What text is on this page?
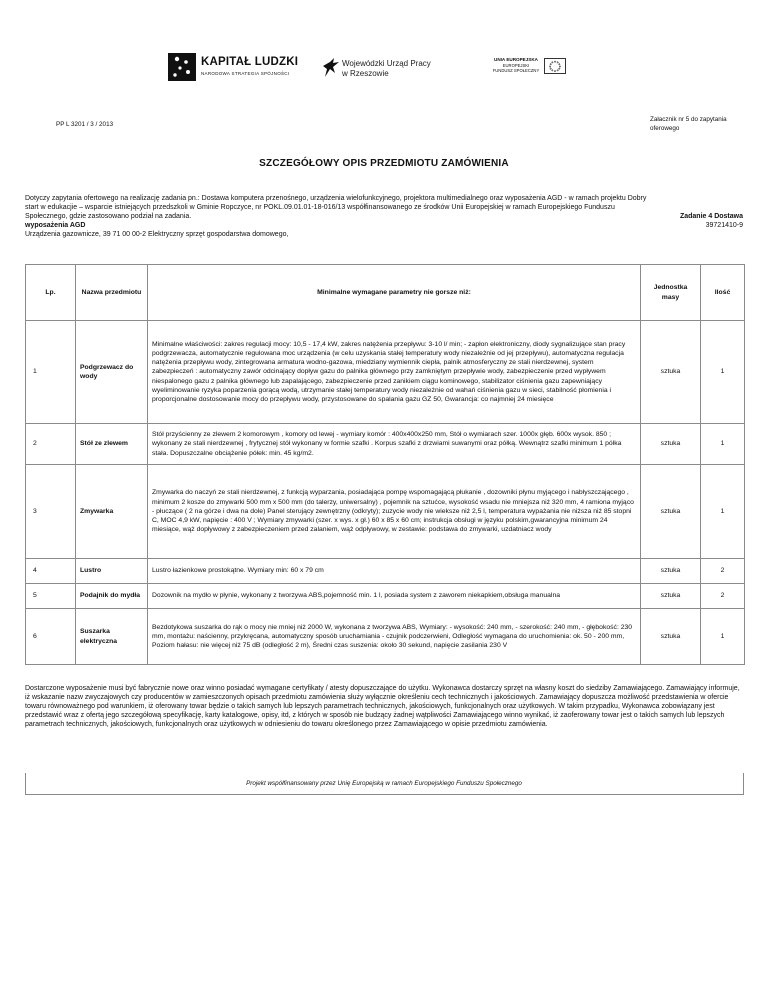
KAPITAŁ LUDZKI
NARODOWA STRATEGIA SPÓJNOŚCI
Wojewódzki Urząd Pracy
w Rzeszowie
UNIA EUROPEJSKA
EUROPEJSKI
FUNDUSZ SPOŁECZNY
PP L 3201 / 3 / 2013
Załacznik nr 5 do zapytania
oferowego
SZCZEGÓŁOWY OPIS PRZEDMIOTU ZAMÓWIENIA
Dotyczy zapytania ofertowego na realizację zadania pn.: Dostawa komputera przenośnego, urządzenia wielofunkcyjnego, projektora multimedialnego oraz wyposażenia AGD - w ramach projektu Dobry
start w edukacjie – wsparcie istniejących przedszkoli w Gminie Ropczyce, nr POKL.09.01.01-18-016/13 współfinansowanego ze środków Unii Europejskiej w ramach Europejskiego Funduszu
Społecznego, gdzie zastosowano podział na zadania.	Zadanie 4 Dostawa
wyposażenia AGD	39721410-9
Urządzenia gazownicze, 39 71 00 00-2 Elektryczny sprzęt gospodarstwa domowego,
Lp.	Nazwa przedmiotu	Minimalne wymagane parametry nie gorsze niż:	Jednostka masy	Ilość
1	Podgrzewacz do wody	Minimalne właściwości: zakres regulacji mocy: 10,5 - 17,4 kW, zakres natężenia przepływu: 3-10 l/ min; - zapłon elektroniczny, diody sygnalizujące stan pracy podgrzewacza, automatycznie regulowana moc urządzenia (w celu uzyskania stałej temperatury wody niezależnie od jej przepływu), automatyczna regulacja natężenia przepływu wody, zintegrowana armatura wodno-gazowa, miedziany wymiennik ciepła, palnik atmosferyczny ze stali nierdzewnej, system zabezpieczeń : automatyczny zawór odcinający dopływ gazu do palnika głównego przy zamkniętym przepływie wody, zabezpieczenie przed wypływem niespalonego gazu z palnika głównego lub zapalającego, zabezpieczenie przed zanikiem ciągu kominowego, stabilizator ciśnienia gazu zapewniający wyeliminowanie ryzyka poparzenia gorącą wodą, utrzymanie stałej temperatury wody niezależnie od wahań ciśnienia gazu w sieci, stabilność płomienia i proporcjonalne dostosowanie mocy do przepływu wody, przystosowane do spalania gazu GZ 50, Gwarancja: co najmniej 24 miesięce	sztuka	1
2	Stół ze zlewem	Stół przyścienny ze zlewem 2 komorowym , komory od lewej - wymiary komór : 400x400x250 mm, Stół o wymiarach szer. 1000x głęb. 600x wysok. 850 ; wykonany ze stali nierdzewnej , frytycznej stół wykonany w formie szafki . Korpus szafki z drzwiami suwanymi oraz półką. Wewnątrz szafki minimum 1 półka stała. Dopuszczalne obciążenie półek: min. 45 kg/m2.	sztuka	1
3	Zmywarka	Zmywarka do naczyń ze stali nierdzewnej, z funkcją wyparzania, posiadająca pompę wspomagającą płukanie , dozowniki płynu myjącego i nabłyszczającego , minimum 2 kosze do zmywarki 500 mm x 500 mm (do talerzy, uniwersalny) , pojemnik na sztućce, wysokość wsadu nie mniejsza niż 320 mm, 4 ramiona myjąco - płuczące ( 2 na górze i dwa na dole) Panel sterujący zewnętrzny (odkryty); zuzycie wody nie wieksze niż 2,5 l, temperatura wypażania nie niższa niż 85 stopni C, MOC 4,9 kW, napięcie : 400 V ; Wymiary zmywarki (szer. x wys. x gł.) 60 x 85 x 60 cm; instrukcja obsługi w języku polskim,gwarancyjna minimum 24 miesiące, wąż dopływowy z zabezpieczeniem przed zalaniem, wąż odpływowy, w zestawie: podstawa do zmywarki, uzdatniacz wody	sztuka	1
4	Lustro	Lustro łazienkowe prostokątne. Wymiary min: 60 x 79 cm	sztuka	2
5	Podajnik do mydła	Dozownik na mydło w płynie, wykonany z tworzywa ABS,pojemność min. 1 l, posiada system z zaworem niekapkiem,obsługa manualna	sztuka	2
6	Suszarka elektryczna	Bezdotykowa suszarka do rąk o mocy nie mniej niż 2000 W, wykonana z tworzywa ABS, Wymiary: - wysokość: 240 mm, - szerokość: 240 mm, - głębokość: 230 mm, montażu: naścienny, przykręcana, automatyczny sposób uruchamiania - czujnik podczerwieni, Odległość wymagana do uruchomienia: ok. 50 - 200 mm, Poziom hałasu: nie więcej niż 75 dB (odległość 2 m), Średni czas suszenia: około 30 sekund, napięcie zasilania 230 V	sztuka	1
Dostarczone wyposażenie musi być fabrycznie nowe oraz winno posiadać wymagane certyfikaty / atesty dopuszczające do użytku. Wykonawca dostarczy sprzęt na własny koszt do siedziby Zamawiającego. Zamawiający informuje, iż wskazanie nazw zwyczajowych czy producentów w zamieszczonych opisach przedmiotu zamówienia służy wyłącznie określeniu cech technicznych i jakościowych. Zamawiający dopuszcza możliwość przedstawienia w ofercie towaru równoważnego pod warunkiem, iż oferowany towar będzie o takich samych lub lepszych parametrach technicznych, jakościowych, funkcjonalnych oraz użytkowych. W takim przypadku, Wykonawca zobowiązany jest przedstawić wraz z ofertą jego szczegółową specyfikację, karty katalogowe, opisy, itd, z których w sposób nie budzący żadnej wątpliwości Zamawiającego winno wynikać, iż zaoferowany towar jest o takich samych lub lepszych parametrach technicznych, jakościowych, funkcjonalnych oraz użytkowych w odniesieniu do towaru określonego przez Zamawiającego w opisie przedmiotu zamówienia.
Projekt współfinansowany przez Unię Europejską w ramach Europejskiego Funduszu Społecznego
